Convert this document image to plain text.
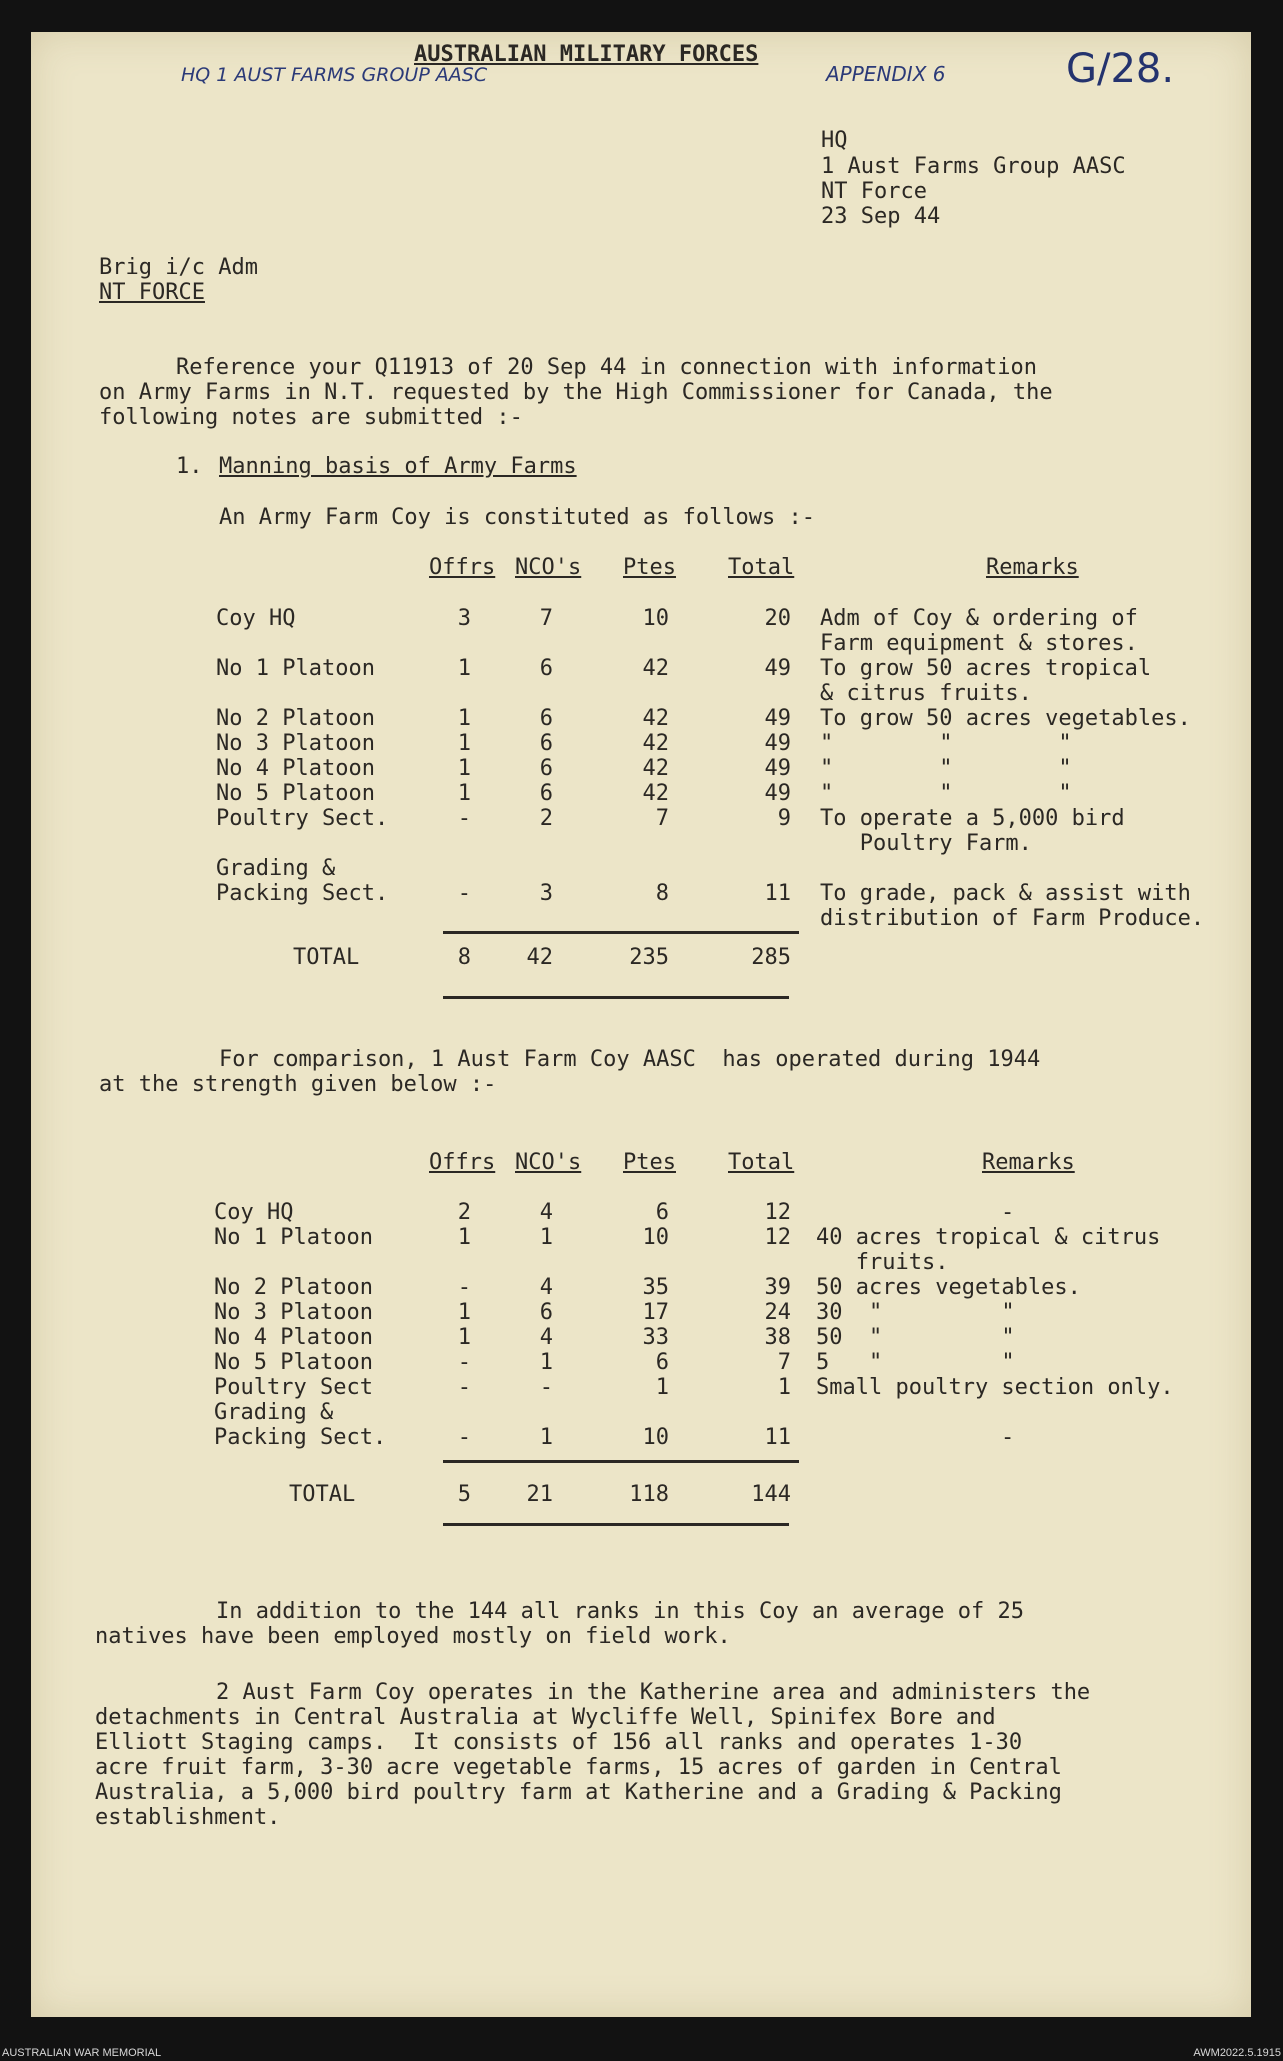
AUSTRALIAN MILITARY FORCES
HQ 1 AUST FARMS GROUP AASC	APPENDIX 6	G/28.
HQ
1 Aust Farms Group AASC
NT Force
23 Sep 44
Brig i/c Adm
NT FORCE
Reference your Q11913 of 20 Sep 44 in connection with information
on Army Farms in N.T. requested by the High Commissioner for Canada, the
following notes are submitted :-
1. Manning basis of Army Farms
An Army Farm Coy is constituted as follows :-
Offrs NCO's Ptes Total	Remarks
Coy HQ	3	7	10	20 Adm of Coy & ordering of
Farm equipment & stores.
No 1 Platoon	1	6	42	49 To grow 50 acres tropical
& citrus fruits.
No 2 Platoon	1	6	42	49 To grow 50 acres vegetables.
No 3 Platoon	1	6	42	49 "        "        "
No 4 Platoon	1	6	42	49 "        "        "
No 5 Platoon	1	6	42	49 "        "        "
Poultry Sect.	-	2	7	9 To operate a 5,000 bird
Poultry Farm.
Grading &
Packing Sect.	-	3	8	11 To grade, pack & assist with
distribution of Farm Produce.
TOTAL	8	42	235	285
For comparison, 1 Aust Farm Coy AASC  has operated during 1944
at the strength given below :-
Offrs NCO's Ptes Total	Remarks
Coy HQ	2	4	6	12	-
No 1 Platoon	1	1	10	12 40 acres tropical & citrus
fruits.
No 2 Platoon	-	4	35	39 50 acres vegetables.
No 3 Platoon	1	6	17	24 30  "         "
No 4 Platoon	1	4	33	38 50  "         "
No 5 Platoon	-	1	6	7 5   "         "
Poultry Sect	-	-	1	1 Small poultry section only.
Grading &
Packing Sect.	-	1	10	11	-
TOTAL	5	21	118	144
In addition to the 144 all ranks in this Coy an average of 25
natives have been employed mostly on field work.
2 Aust Farm Coy operates in the Katherine area and administers the
detachments in Central Australia at Wycliffe Well, Spinifex Bore and
Elliott Staging camps.  It consists of 156 all ranks and operates 1-30
acre fruit farm, 3-30 acre vegetable farms, 15 acres of garden in Central
Australia, a 5,000 bird poultry farm at Katherine and a Grading & Packing
establishment.
AUSTRALIAN WAR MEMORIAL	AWM2022.5.1915
